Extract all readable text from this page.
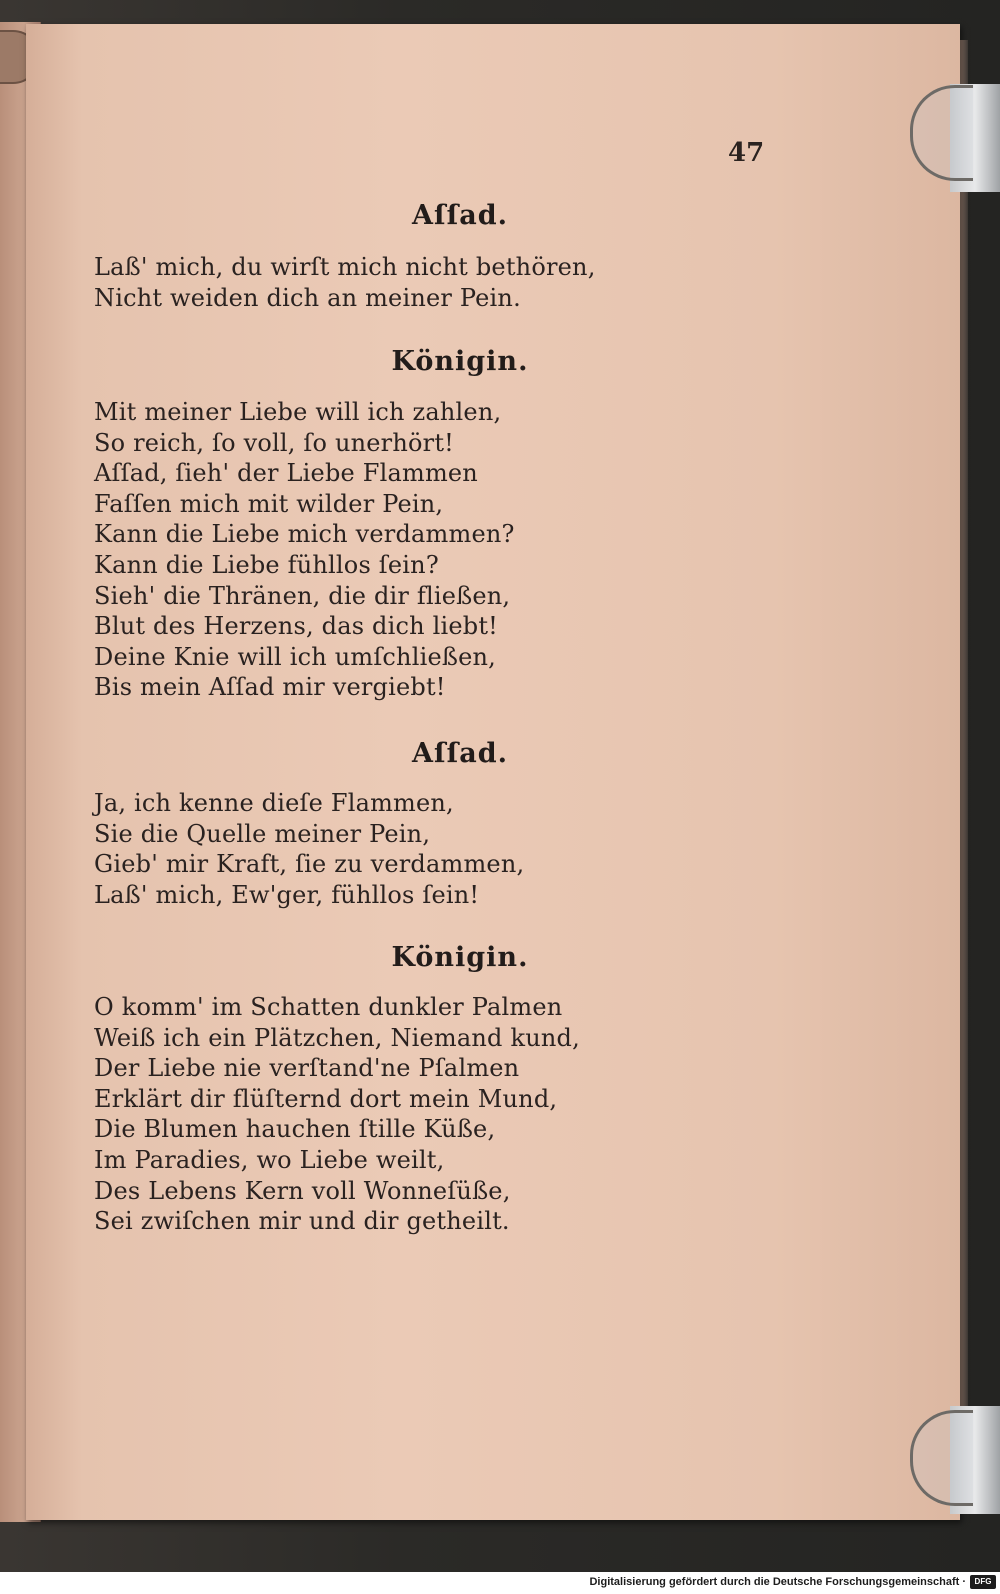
47
Aſſad.
Laß' mich, du wirſt mich nicht bethören,
Nicht weiden dich an meiner Pein.
Königin.
Mit meiner Liebe will ich zahlen,
So reich, ſo voll, ſo unerhört!
Aſſad, ſieh' der Liebe Flammen
Faſſen mich mit wilder Pein,
Kann die Liebe mich verdammen?
Kann die Liebe fühllos ſein?
Sieh' die Thränen, die dir fließen,
Blut des Herzens, das dich liebt!
Deine Knie will ich umſchließen,
Bis mein Aſſad mir vergiebt!
Aſſad.
Ja, ich kenne dieſe Flammen,
Sie die Quelle meiner Pein,
Gieb' mir Kraft, ſie zu verdammen,
Laß' mich, Ew'ger, fühllos ſein!
Königin.
O komm' im Schatten dunkler Palmen
Weiß ich ein Plätzchen, Niemand kund,
Der Liebe nie verſtand'ne Pſalmen
Erklärt dir flüſternd dort mein Mund,
Die Blumen hauchen ſtille Küße,
Im Paradies, wo Liebe weilt,
Des Lebens Kern voll Wonneſüße,
Sei zwiſchen mir und dir getheilt.
Digitalisierung gefördert durch die Deutsche Forschungsgemeinschaft ·	DFG
